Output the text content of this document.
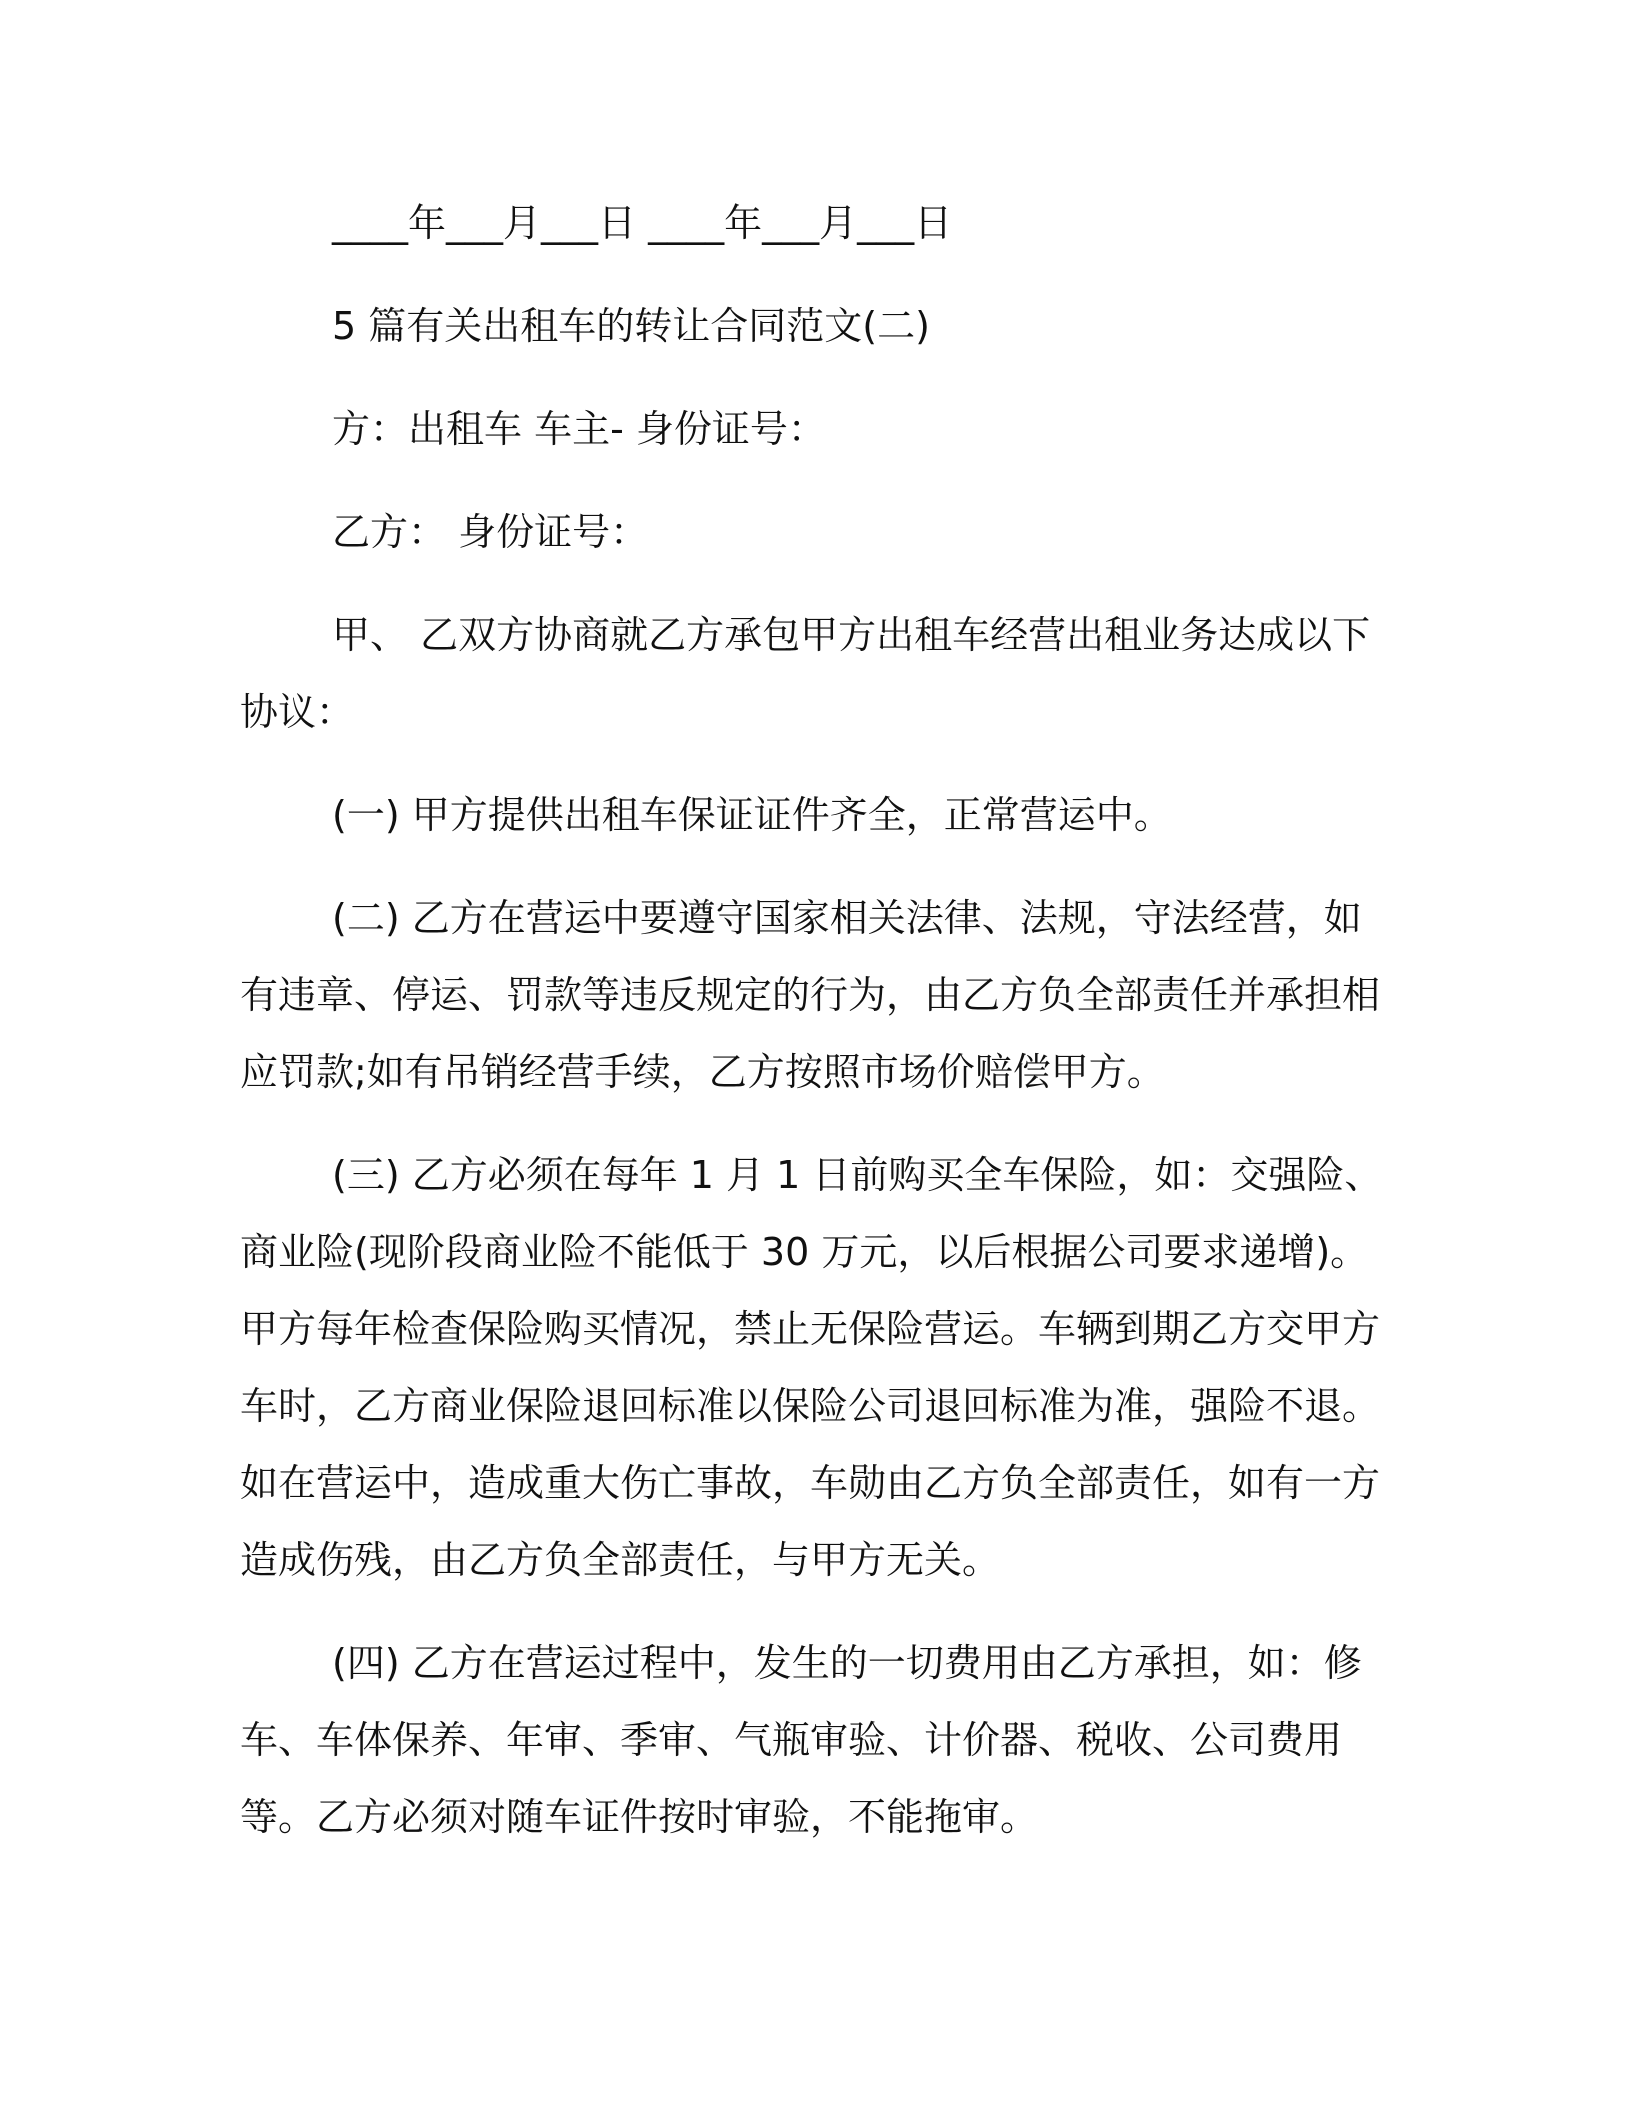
____年___月___日 ____年___月___日

5 篇有关出租车的转让合同范文(二)

方：出租车 车主- 身份证号：

乙方： 身份证号：

甲、 乙双方协商就乙方承包甲方出租车经营出租业务达成以下协议：

(一) 甲方提供出租车保证证件齐全，正常营运中。

(二) 乙方在营运中要遵守国家相关法律、法规，守法经营，如有违章、停运、罚款等违反规定的行为，由乙方负全部责任并承担相应罚款;如有吊销经营手续，乙方按照市场价赔偿甲方。

(三) 乙方必须在每年 1 月 1 日前购买全车保险，如：交强险、商业险(现阶段商业险不能低于 30 万元，以后根据公司要求递增)。甲方每年检查保险购买情况，禁止无保险营运。车辆到期乙方交甲方车时，乙方商业保险退回标准以保险公司退回标准为准，强险不退。如在营运中，造成重大伤亡事故，车勋由乙方负全部责任，如有一方造成伤残，由乙方负全部责任，与甲方无关。

(四) 乙方在营运过程中，发生的一切费用由乙方承担，如：修车、车体保养、年审、季审、气瓶审验、计价器、税收、公司费用等。乙方必须对随车证件按时审验，不能拖审。
